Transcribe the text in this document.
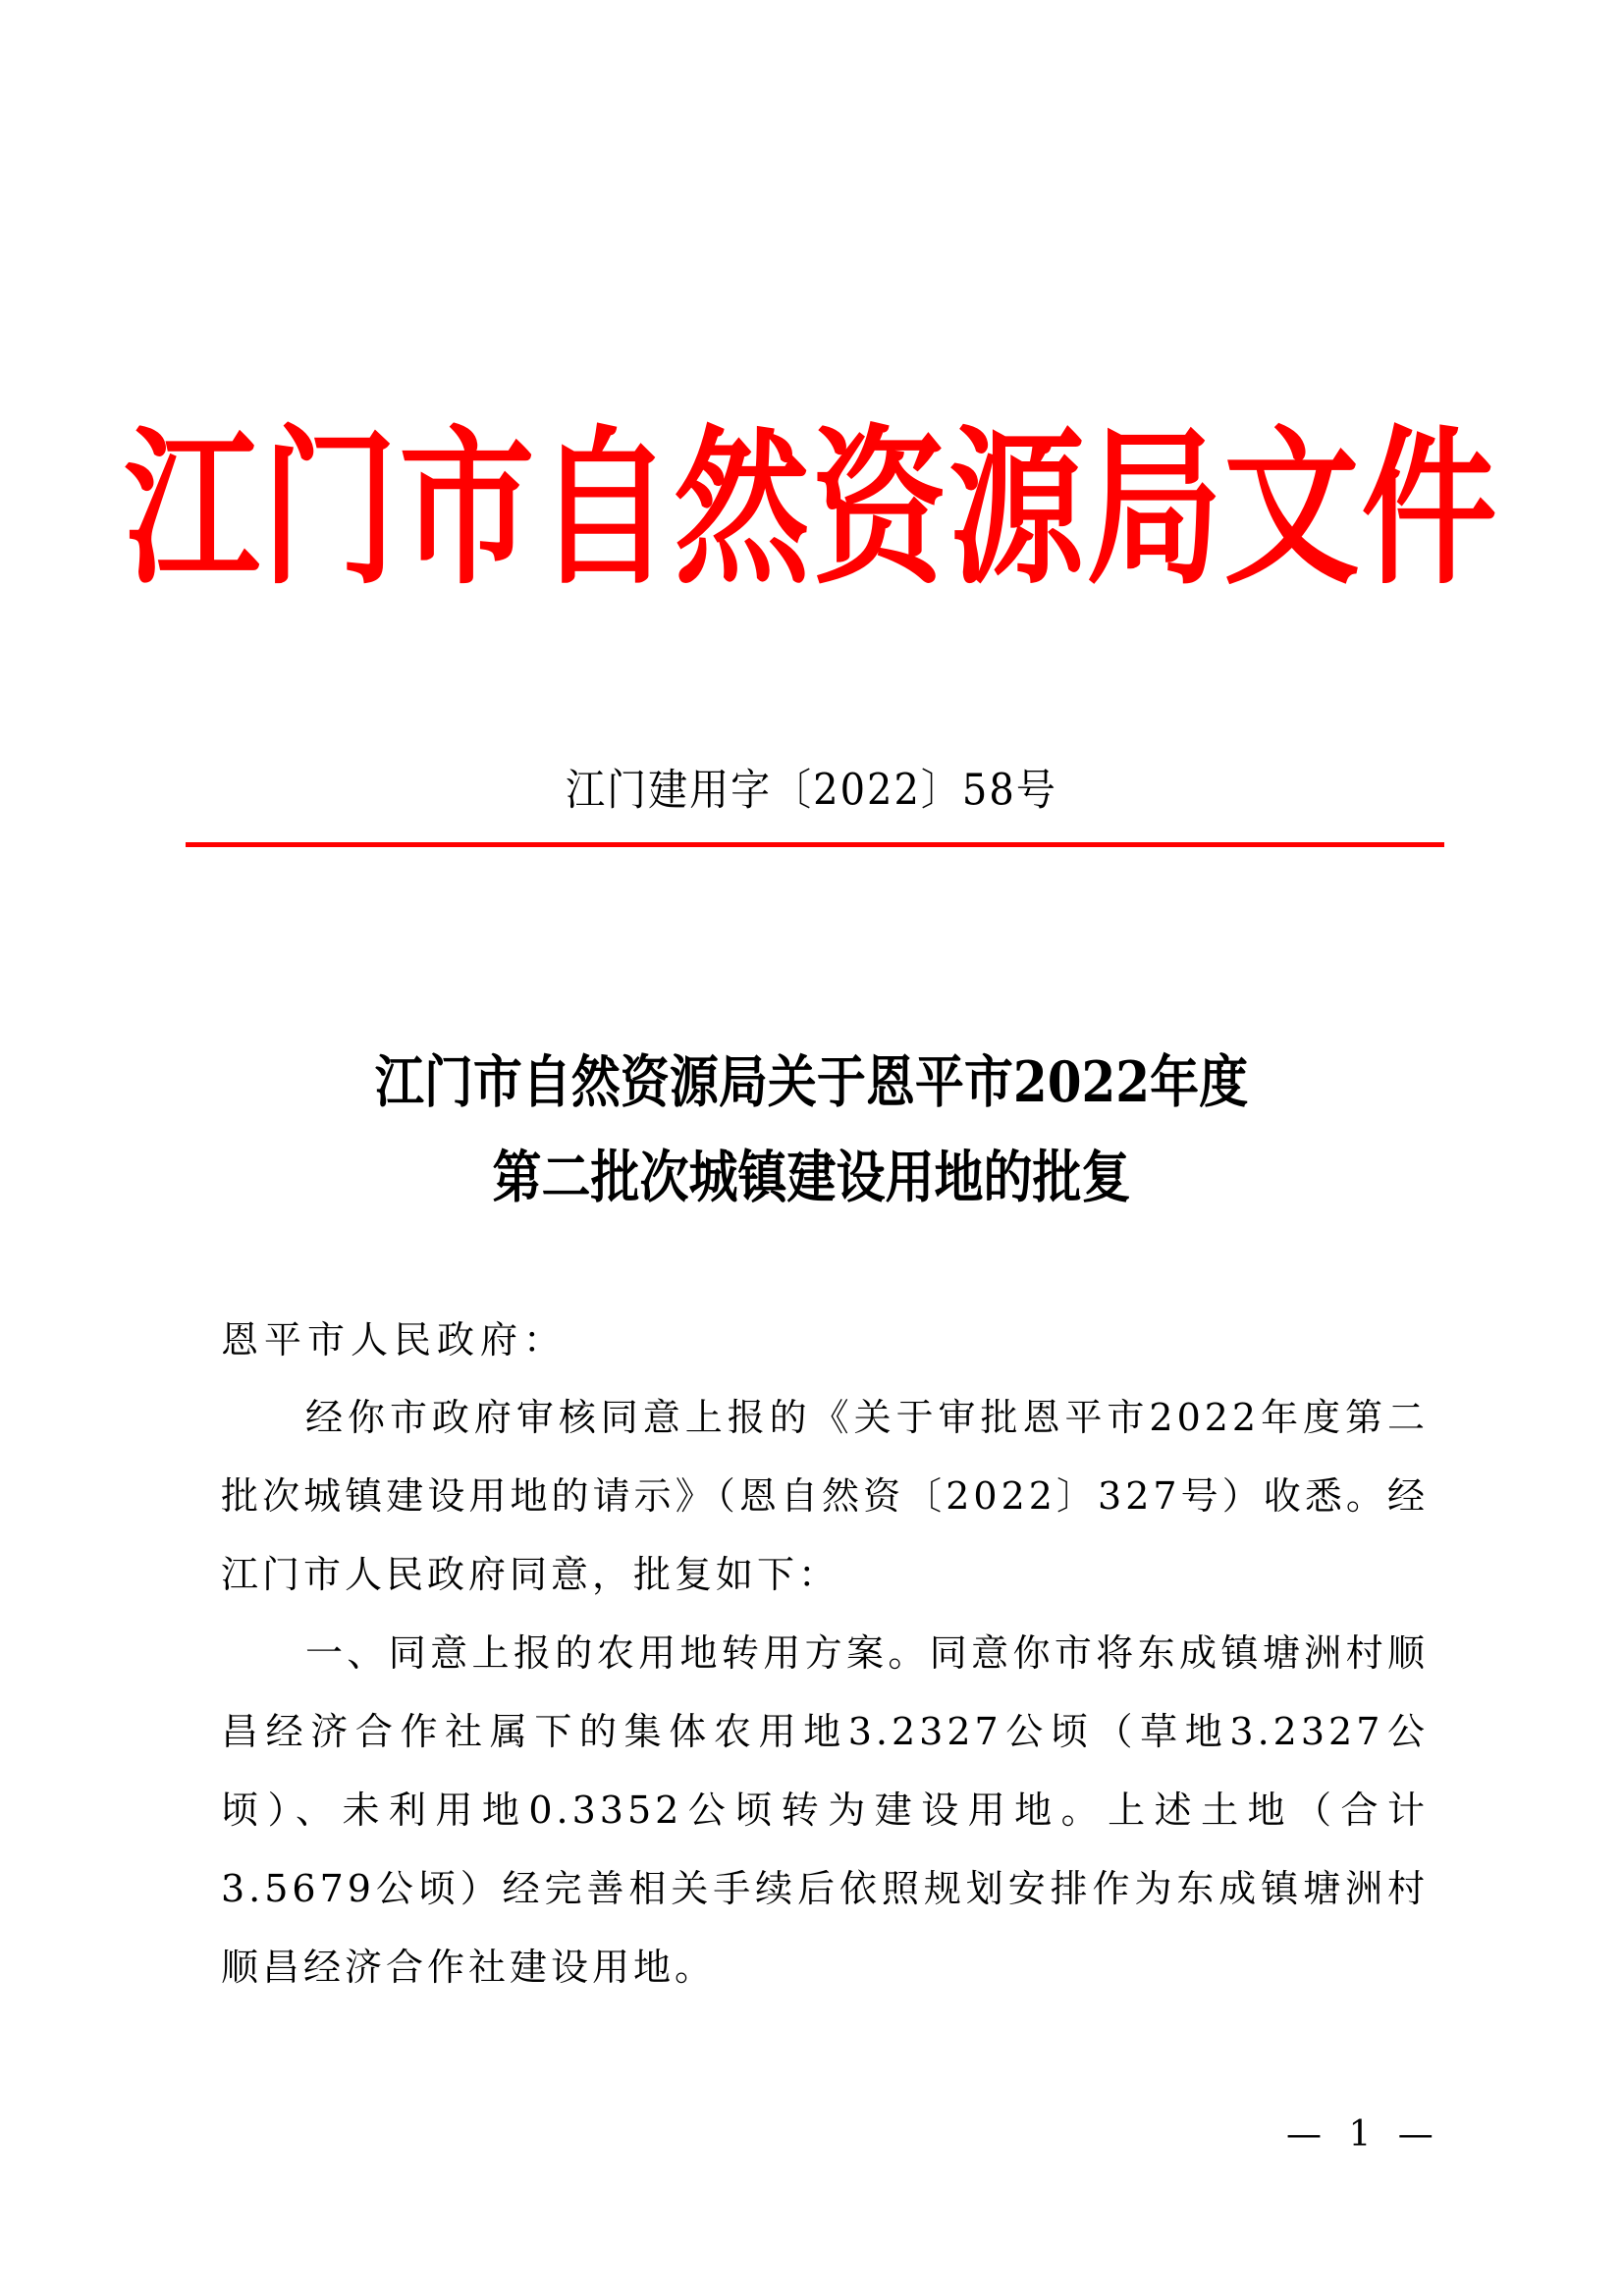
江门市自然资源局文件
江门建用字〔2022〕58号
江门市自然资源局关于恩平市2022年度
第二批次城镇建设用地的批复
恩平市人民政府：

经你市政府审核同意上报的《关于审批恩平市2022年度第二批次城镇建设用地的请示》（恩自然资〔2022〕327号）收悉。经江门市人民政府同意，批复如下：

一、同意上报的农用地转用方案。同意你市将东成镇塘洲村顺昌经济合作社属下的集体农用地3.2327公顷（草地3.2327公顷）、未利用地0.3352公顷转为建设用地。上述土地（合计3.5679公顷）经完善相关手续后依照规划安排作为东成镇塘洲村顺昌经济合作社建设用地。

— 1 —
